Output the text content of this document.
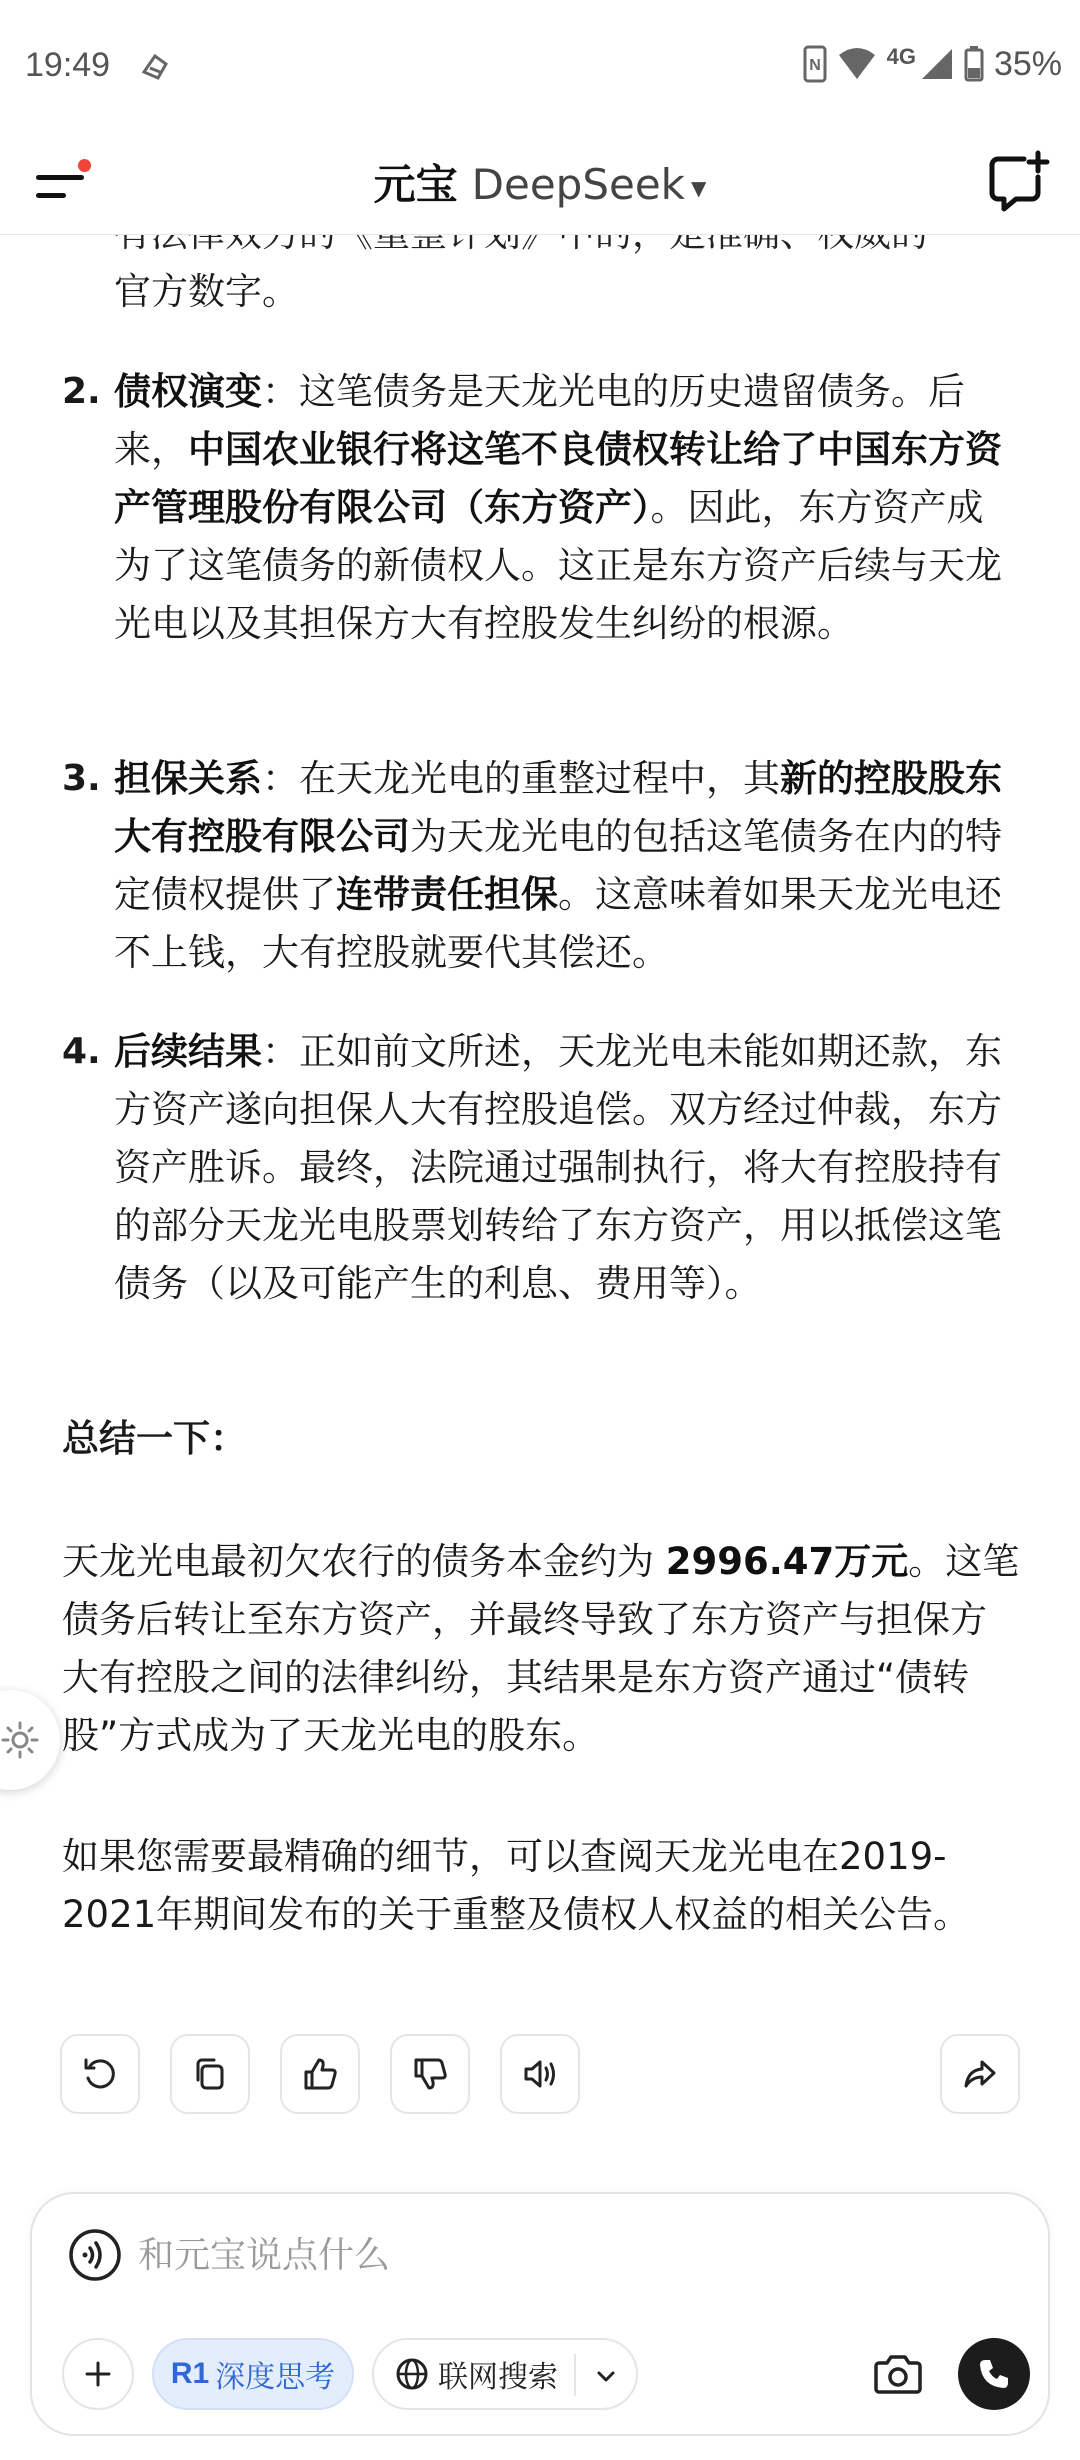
19:49	N	4G 35%
元宝 DeepSeek ▼
官方数字。
2. 债权演变：这笔债务是天龙光电的历史遗留债务。后来，中国农业银行将这笔不良债权转让给了中国东方资产管理股份有限公司（东方资产）。因此，东方资产成为了这笔债务的新债权人。这正是东方资产后续与天龙光电以及其担保方大有控股发生纠纷的根源。
3. 担保关系：在天龙光电的重整过程中，其新的控股股东大有控股有限公司为天龙光电的包括这笔债务在内的特定债权提供了连带责任担保。这意味着如果天龙光电还不上钱，大有控股就要代其偿还。
4. 后续结果：正如前文所述，天龙光电未能如期还款，东方资产遂向担保人大有控股追偿。双方经过仲裁，东方资产胜诉。最终，法院通过强制执行，将大有控股持有的部分天龙光电股票划转给了东方资产，用以抵偿这笔债务（以及可能产生的利息、费用等）。
总结一下：
天龙光电最初欠农行的债务本金约为 2996.47万元。这笔债务后转让至东方资产，并最终导致了东方资产与担保方大有控股之间的法律纠纷，其结果是东方资产通过“债转股”方式成为了天龙光电的股东。
如果您需要最精确的细节，可以查阅天龙光电在2019-2021年期间发布的关于重整及债权人权益的相关公告。
和元宝说点什么
R1 深度思考	联网搜索
